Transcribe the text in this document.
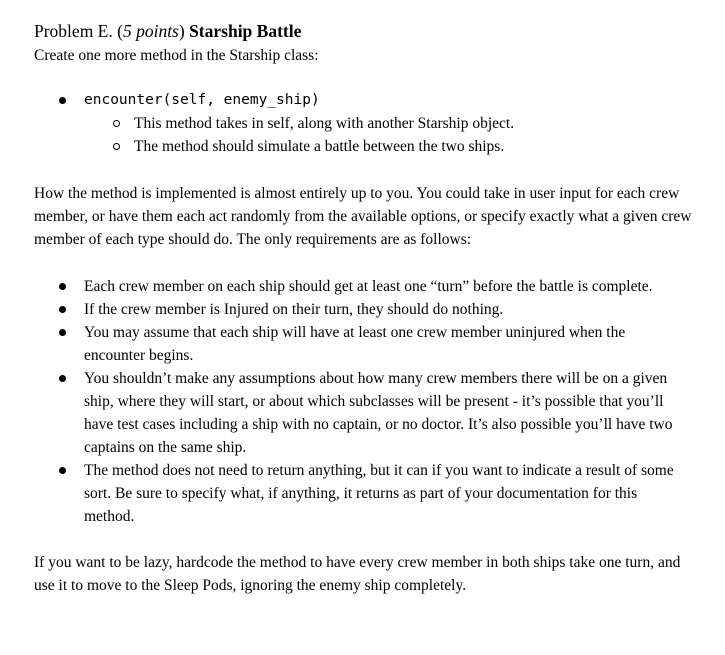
Problem E. (5 points) Starship Battle

Create one more method in the Starship class:

encounter(self, enemy_ship)
This method takes in self, along with another Starship object.
The method should simulate a battle between the two ships.

How the method is implemented is almost entirely up to you. You could take in user input for each crew member, or have them each act randomly from the available options, or specify exactly what a given crew member of each type should do. The only requirements are as follows:

Each crew member on each ship should get at least one “turn” before the battle is complete.
If the crew member is Injured on their turn, they should do nothing.
You may assume that each ship will have at least one crew member uninjured when the encounter begins.
You shouldn’t make any assumptions about how many crew members there will be on a given ship, where they will start, or about which subclasses will be present - it’s possible that you’ll have test cases including a ship with no captain, or no doctor. It’s also possible you’ll have two captains on the same ship.
The method does not need to return anything, but it can if you want to indicate a result of some sort. Be sure to specify what, if anything, it returns as part of your documentation for this method.

If you want to be lazy, hardcode the method to have every crew member in both ships take one turn, and use it to move to the Sleep Pods, ignoring the enemy ship completely.
